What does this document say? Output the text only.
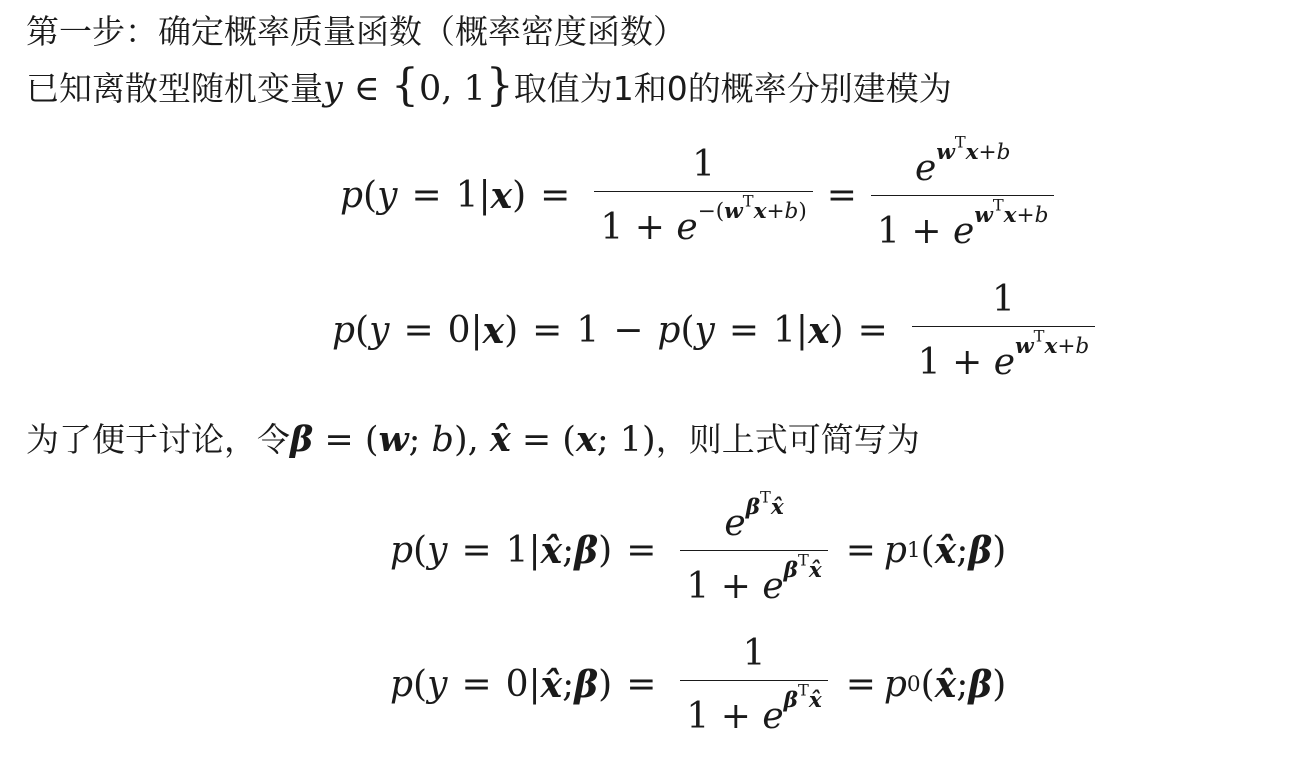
第一步：确定概率质量函数（概率密度函数）
已知离散型随机变量y ∈ {0, 1}取值为1和0的概率分别建模为
p ( y = 1| x ) = $\frac{1}{1 + e^{-(w^Tx+b)}} = \frac{e^{w^Tx+b}}{1 + e^{w^Tx+b}}$
p ( y = 0| x ) = 1 − p ( y = 1| x ) = $\frac{1}{1 + e^{w^Tx+b}}$
为了便于讨论，令β = (w; b), x̂ = (x; 1)，则上式可简写为
p ( y = 1| x̂ ; β ) = $\frac{e^{\beta^Tx̂}}{1 + e^{\beta^Tx̂}} = p$ 1 ( x̂ ; β )
p ( y = 0| x̂ ; β ) = $\frac{1}{1 + e^{\beta^Tx̂}} = p$ 0 ( x̂ ; β )
